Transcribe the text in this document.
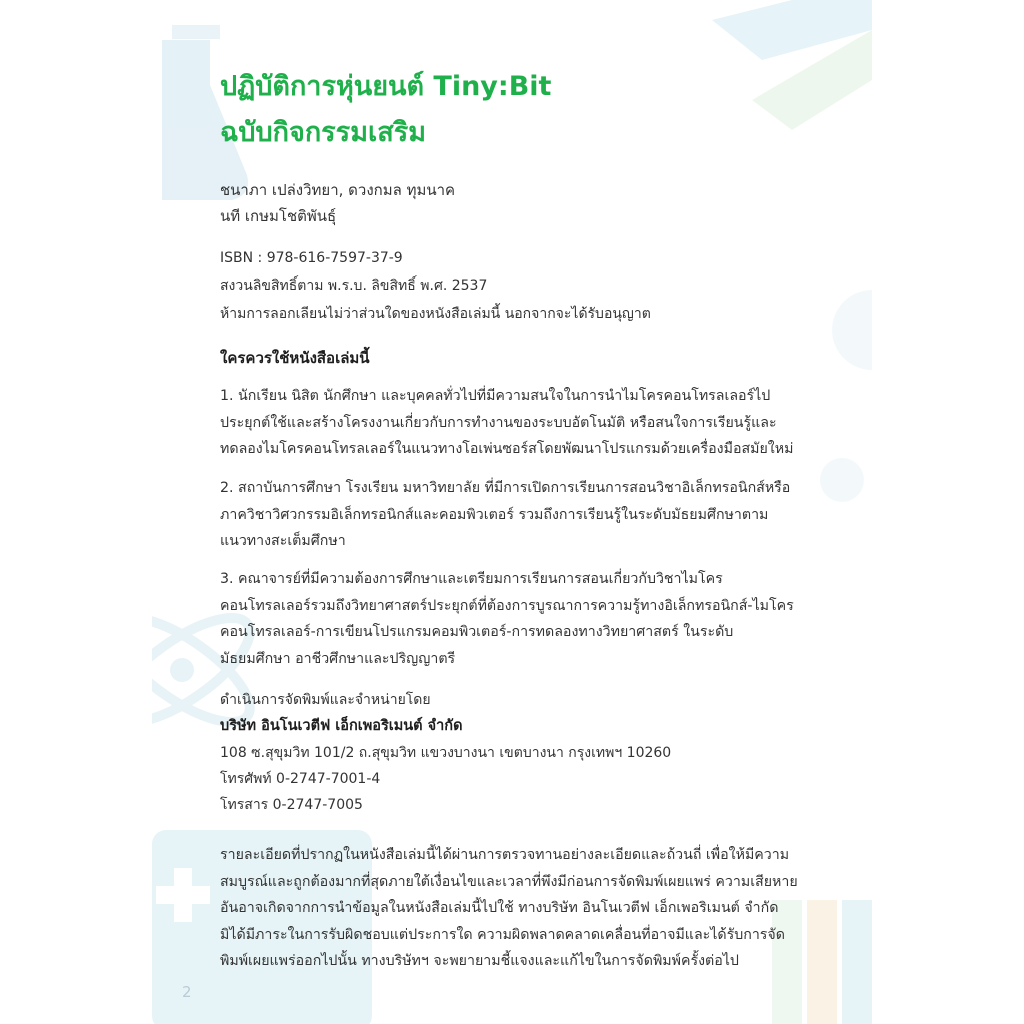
ปฏิบัติการหุ่นยนต์ Tiny:Bit
ฉบับกิจกรรมเสริม
ชนาภา เปล่งวิทยา, ดวงกมล ทุมนาค
นที เกษมโชติพันธุ์
ISBN : 978-616-7597-37-9
สงวนลิขสิทธิ์ตาม พ.ร.บ. ลิขสิทธิ์ พ.ศ. 2537
ห้ามการลอกเลียนไม่ว่าส่วนใดของหนังสือเล่มนี้ นอกจากจะได้รับอนุญาต
ใครควรใช้หนังสือเล่มนี้
1. นักเรียน นิสิต นักศึกษา และบุคคลทั่วไปที่มีความสนใจในการนำไมโครคอนโทรลเลอร์ไปประยุกต์ใช้และสร้างโครงงานเกี่ยวกับการทำงานของระบบอัตโนมัติ หรือสนใจการเรียนรู้และทดลองไมโครคอนโทรลเลอร์ในแนวทางโอเพ่นซอร์สโดยพัฒนาโปรแกรมด้วยเครื่องมือสมัยใหม่
2. สถาบันการศึกษา โรงเรียน มหาวิทยาลัย ที่มีการเปิดการเรียนการสอนวิชาอิเล็กทรอนิกส์หรือภาควิชาวิศวกรรมอิเล็กทรอนิกส์และคอมพิวเตอร์ รวมถึงการเรียนรู้ในระดับมัธยมศึกษาตามแนวทางสะเต็มศึกษา
3. คณาจารย์ที่มีความต้องการศึกษาและเตรียมการเรียนการสอนเกี่ยวกับวิชาไมโครคอนโทรลเลอร์รวมถึงวิทยาศาสตร์ประยุกต์ที่ต้องการบูรณาการความรู้ทางอิเล็กทรอนิกส์-ไมโครคอนโทรลเลอร์-การเขียนโปรแกรมคอมพิวเตอร์-การทดลองทางวิทยาศาสตร์ ในระดับมัธยมศึกษา อาชีวศึกษาและปริญญาตรี
ดำเนินการจัดพิมพ์และจำหน่ายโดย
บริษัท อินโนเวตีฟ เอ็กเพอริเมนต์ จำกัด
108 ซ.สุขุมวิท 101/2 ถ.สุขุมวิท แขวงบางนา เขตบางนา กรุงเทพฯ 10260
โทรศัพท์ 0-2747-7001-4
โทรสาร 0-2747-7005
รายละเอียดที่ปรากฏในหนังสือเล่มนี้ได้ผ่านการตรวจทานอย่างละเอียดและถ้วนถี่ เพื่อให้มีความสมบูรณ์และถูกต้องมากที่สุดภายใต้เงื่อนไขและเวลาที่พึงมีก่อนการจัดพิมพ์เผยแพร่ ความเสียหายอันอาจเกิดจากการนำข้อมูลในหนังสือเล่มนี้ไปใช้ ทางบริษัท อินโนเวตีฟ เอ็กเพอริเมนต์ จำกัด มิได้มีภาระในการรับผิดชอบแต่ประการใด ความผิดพลาดคลาดเคลื่อนที่อาจมีและได้รับการจัดพิมพ์เผยแพร่ออกไปนั้น ทางบริษัทฯ จะพยายามชี้แจงและแก้ไขในการจัดพิมพ์ครั้งต่อไป
2
